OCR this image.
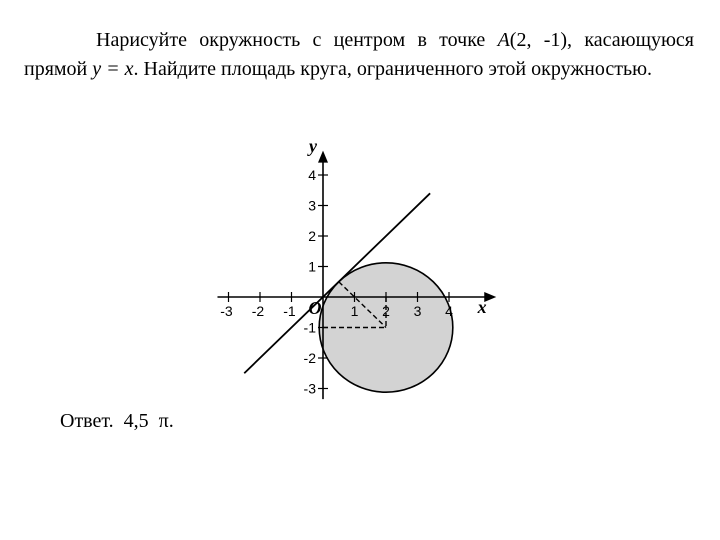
Нарисуйте окружность с центром в точке A(2, -1), касающуюся прямой y = x. Найдите площадь круга, ограниченного этой окружностью.

-3 -2 -1	1 2 3 4
4
3
2
1
-1
-2
-3
x
y
O
Ответ. 4,5 π.
